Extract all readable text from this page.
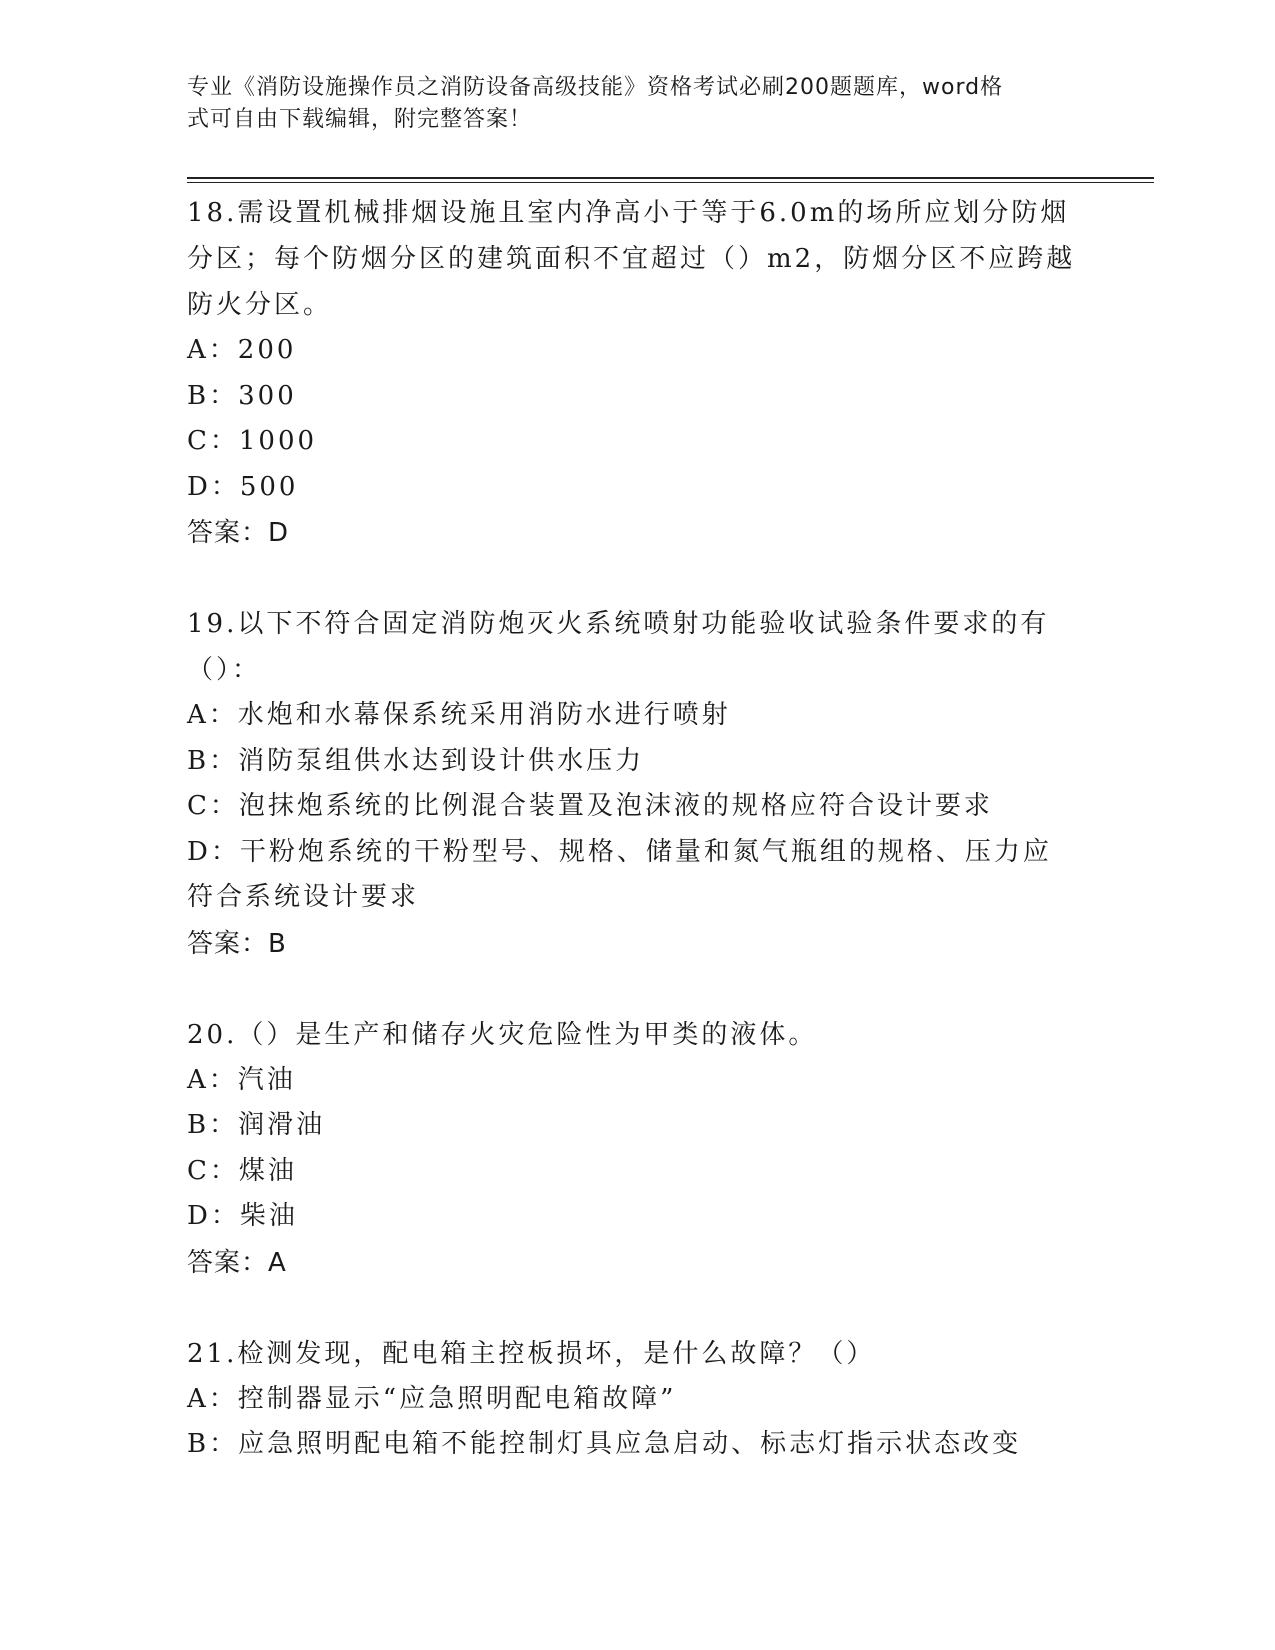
专业《消防设施操作员之消防设备高级技能》资格考试必刷200题题库，word格
式可自由下载编辑，附完整答案！

18.需设置机械排烟设施且室内净高小于等于6.0m的场所应划分防烟分区；每个防烟分区的建筑面积不宜超过（）m2，防烟分区不应跨越防火分区。

A：200

B：300

C：1000

D：500

答案：D

19.以下不符合固定消防炮灭火系统喷射功能验收试验条件要求的有（）：

A：水炮和水幕保系统采用消防水进行喷射

B：消防泵组供水达到设计供水压力

C：泡抹炮系统的比例混合装置及泡沫液的规格应符合设计要求

D：干粉炮系统的干粉型号、规格、储量和氮气瓶组的规格、压力应符合系统设计要求

答案：B

20.（）是生产和储存火灾危险性为甲类的液体。

A：汽油

B：润滑油

C：煤油

D：柴油

答案：A

21.检测发现，配电箱主控板损坏，是什么故障？（）

A：控制器显示“应急照明配电箱故障”

B：应急照明配电箱不能控制灯具应急启动、标志灯指示状态改变
